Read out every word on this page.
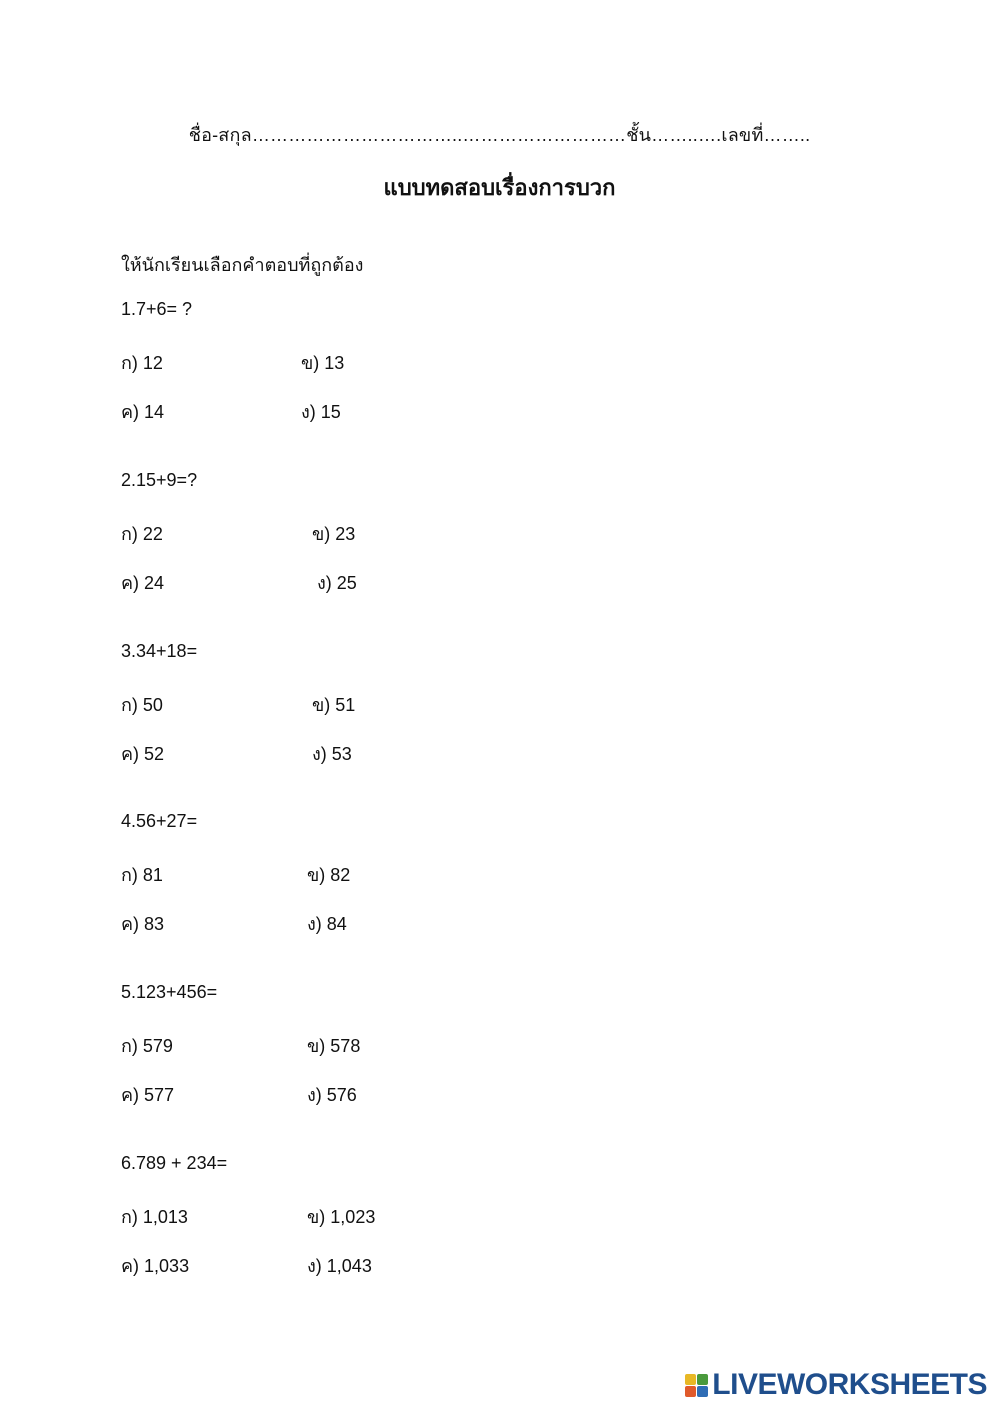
ชื่อ-สกุล……………………………..………………………ชั้น……..….เลขที่……..
แบบทดสอบเรื่องการบวก
ให้นักเรียนเลือกคำตอบที่ถูกต้อง
1.7+6= ?
ก) 12	ข) 13
ค) 14	ง) 15
2.15+9=?
ก) 22	ข) 23
ค) 24	ง) 25
3.34+18=
ก) 50	ข) 51
ค) 52	ง) 53
4.56+27=
ก) 81	ข) 82
ค) 83	ง) 84
5.123+456=
ก) 579	ข) 578
ค) 577	ง) 576
6.789 + 234=
ก) 1,013	ข) 1,023
ค) 1,033	ง) 1,043
LIVEWORKSHEETS
